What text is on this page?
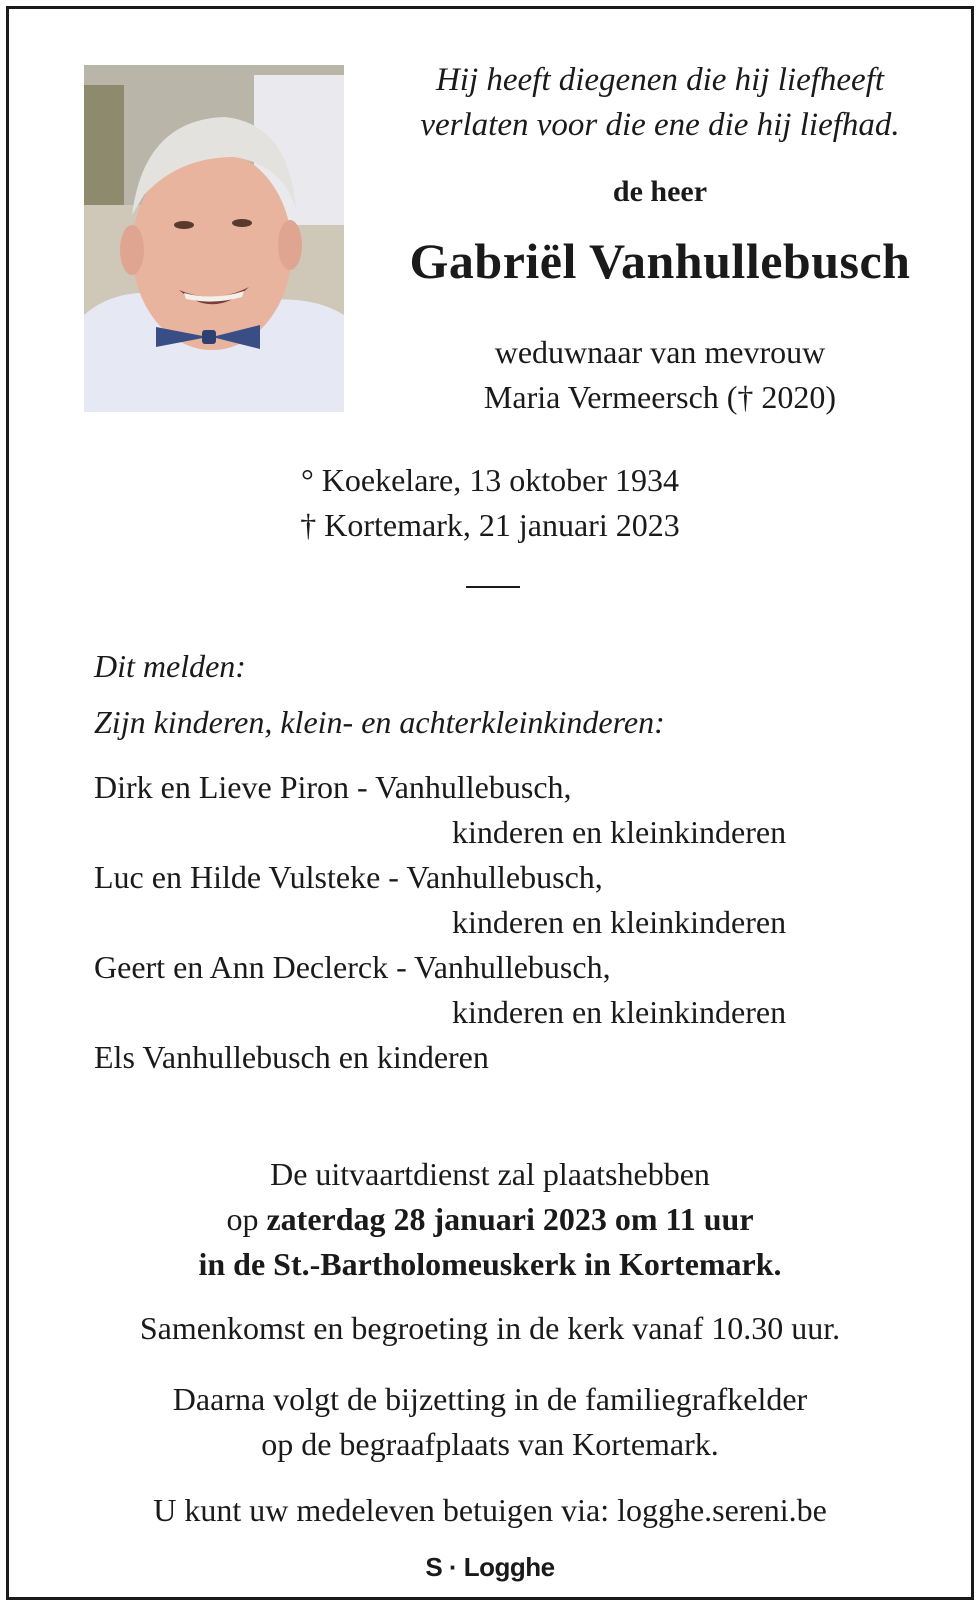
Hij heeft diegenen die hij liefheeft
verlaten voor die ene die hij liefhad.
de heer
Gabriël Vanhullebusch
weduwnaar van mevrouw
Maria Vermeersch († 2020)
° Koekelare, 13 oktober 1934
† Kortemark, 21 januari 2023
Dit melden:
Zijn kinderen, klein- en achterkleinkinderen:
Dirk en Lieve Piron - Vanhullebusch,
kinderen en kleinkinderen
Luc en Hilde Vulsteke - Vanhullebusch,
kinderen en kleinkinderen
Geert en Ann Declerck - Vanhullebusch,
kinderen en kleinkinderen
Els Vanhullebusch en kinderen
De uitvaartdienst zal plaatshebben
op zaterdag 28 januari 2023 om 11 uur
in de St.-Bartholomeuskerk in Kortemark.
Samenkomst en begroeting in de kerk vanaf 10.30 uur.
Daarna volgt de bijzetting in de familiegrafkelder
op de begraafplaats van Kortemark.
U kunt uw medeleven betuigen via: logghe.sereni.be
S · Logghe
